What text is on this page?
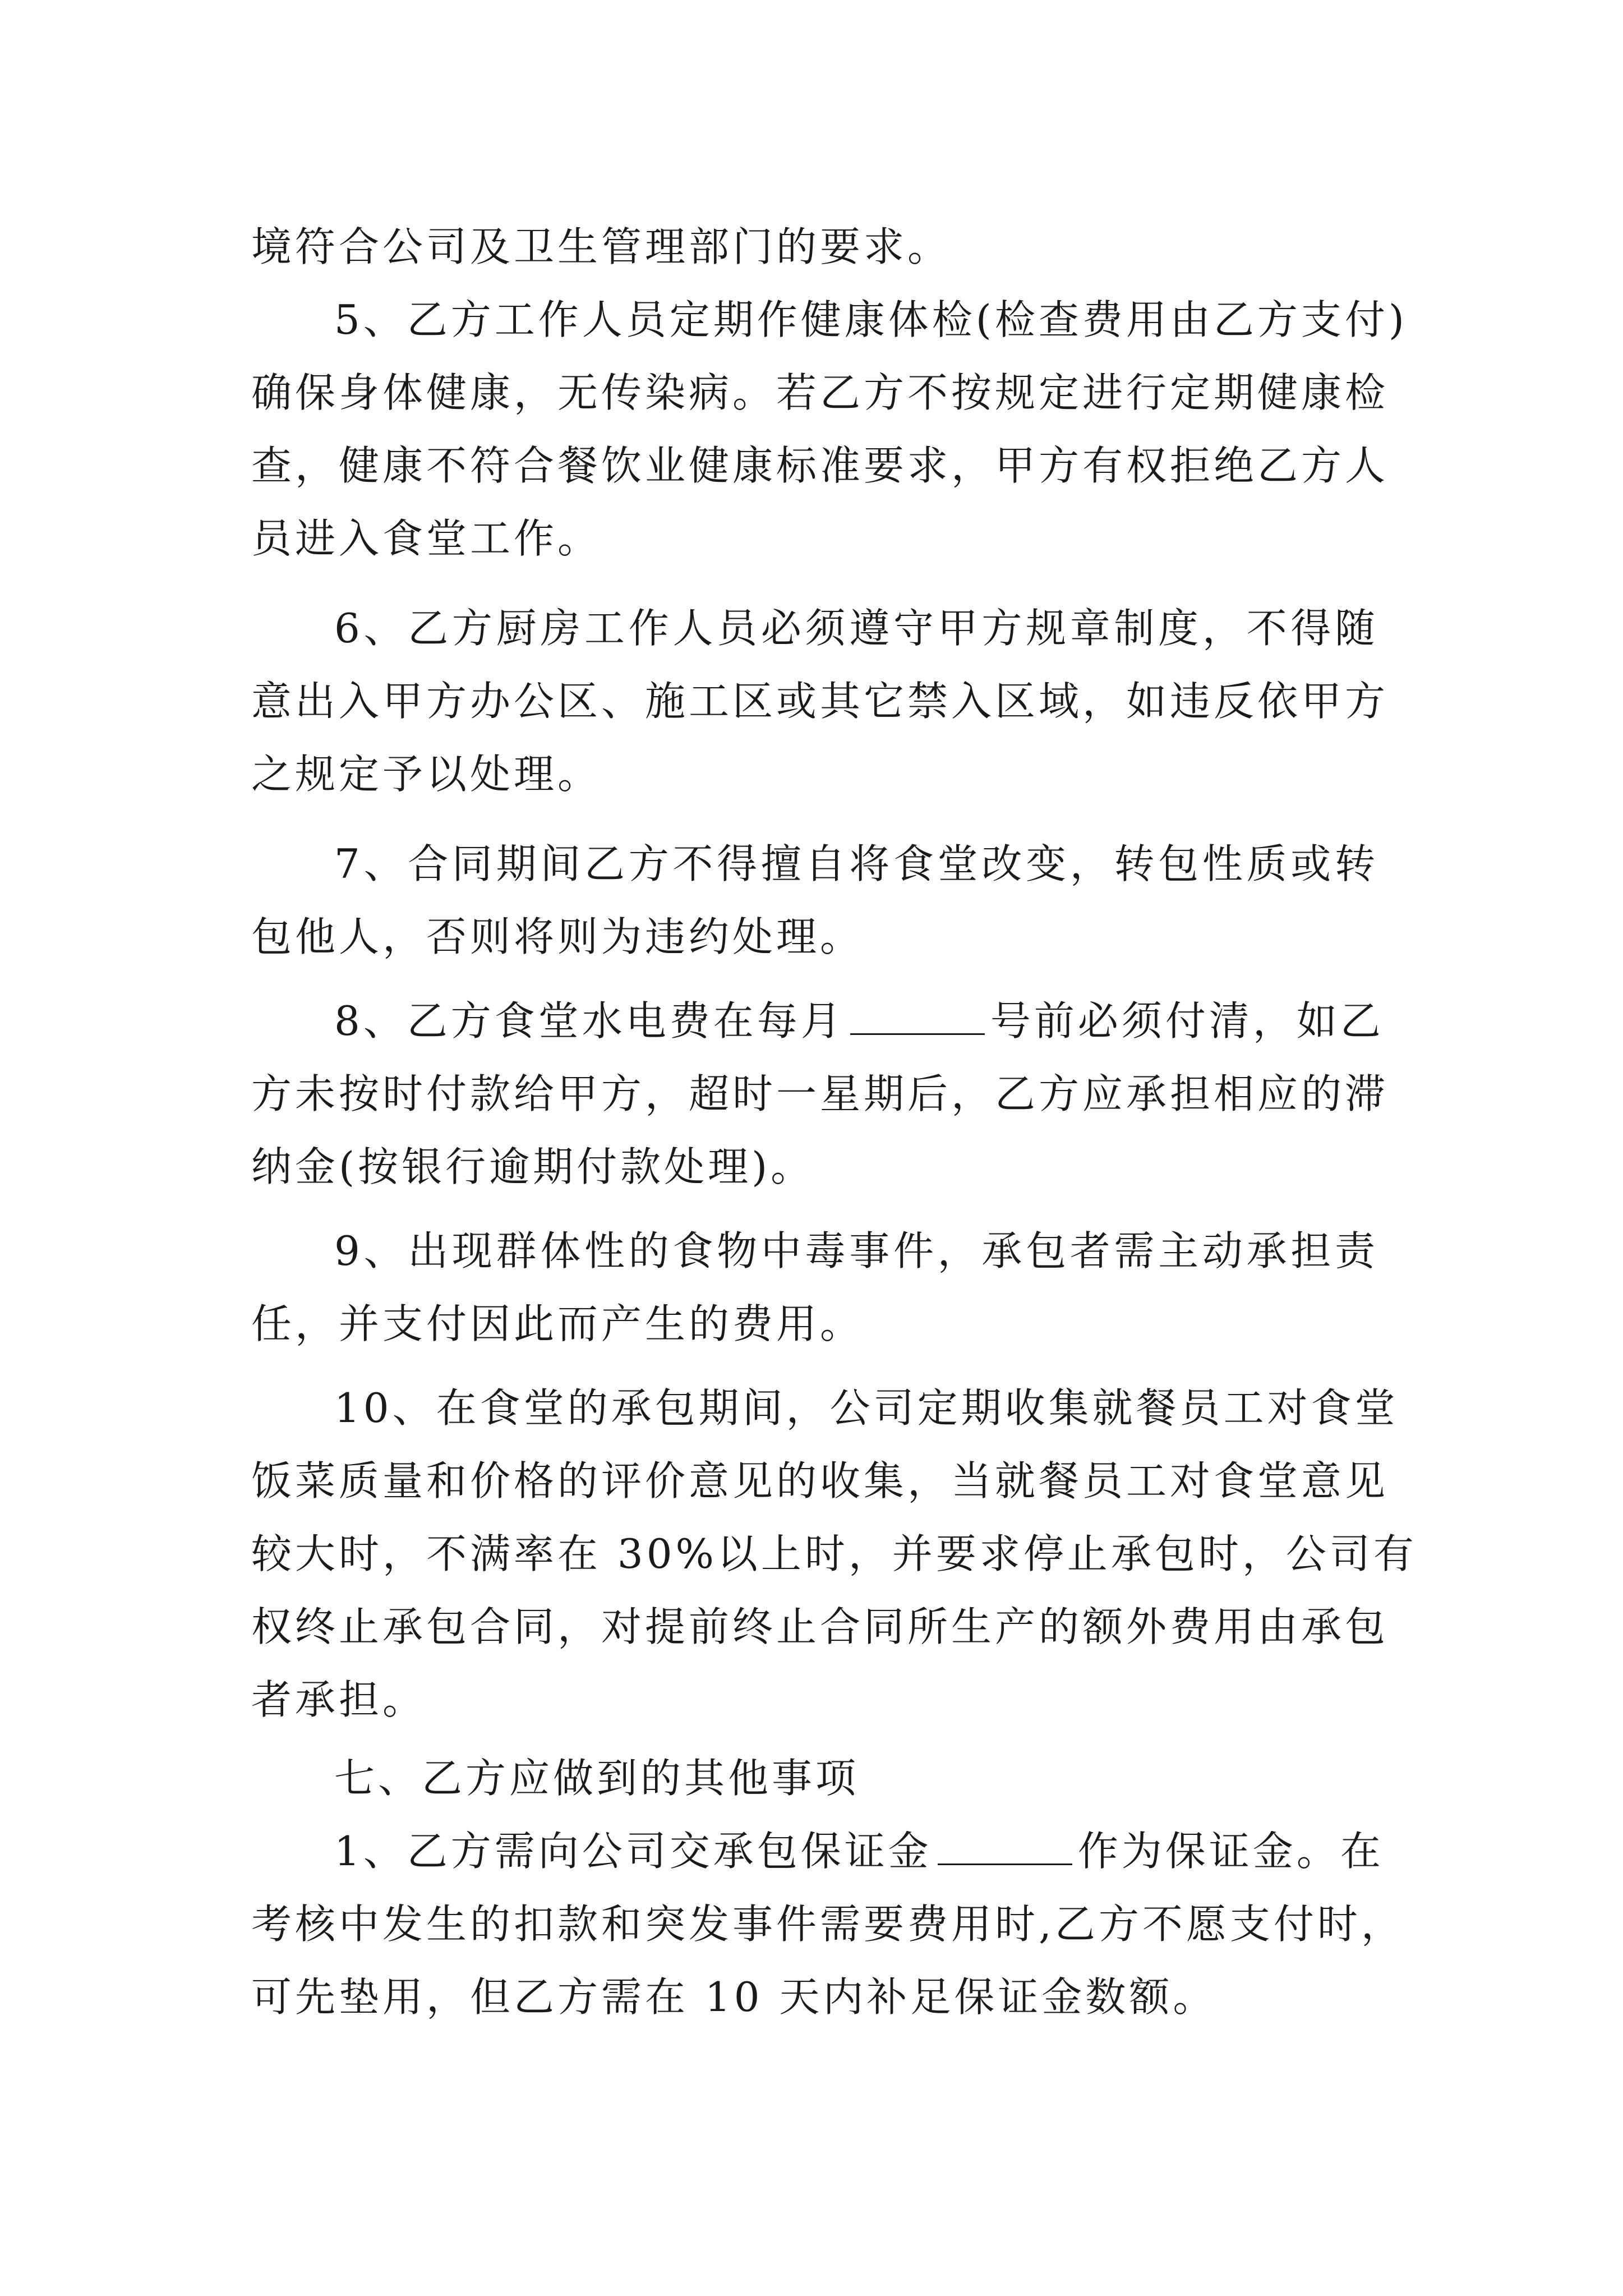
境符合公司及卫生管理部门的要求。

5、乙方工作人员定期作健康体检(检查费用由乙方支付)

确保身体健康，无传染病。若乙方不按规定进行定期健康检

查，健康不符合餐饮业健康标准要求，甲方有权拒绝乙方人

员进入食堂工作。

6、乙方厨房工作人员必须遵守甲方规章制度，不得随

意出入甲方办公区、施工区或其它禁入区域，如违反依甲方

之规定予以处理。

7、合同期间乙方不得擅自将食堂改变，转包性质或转

包他人，否则将则为违约处理。

8、乙方食堂水电费在每月	号前必须付清，如乙

方未按时付款给甲方，超时一星期后，乙方应承担相应的滞

纳金(按银行逾期付款处理)。

9、出现群体性的食物中毒事件，承包者需主动承担责

任，并支付因此而产生的费用。

10、在食堂的承包期间，公司定期收集就餐员工对食堂

饭菜质量和价格的评价意见的收集，当就餐员工对食堂意见

较大时，不满率在 30%以上时，并要求停止承包时，公司有

权终止承包合同，对提前终止合同所生产的额外费用由承包

者承担。

七、乙方应做到的其他事项

1、乙方需向公司交承包保证金	作为保证金。在

考核中发生的扣款和突发事件需要费用时,乙方不愿支付时，

可先垫用，但乙方需在 10 天内补足保证金数额。
